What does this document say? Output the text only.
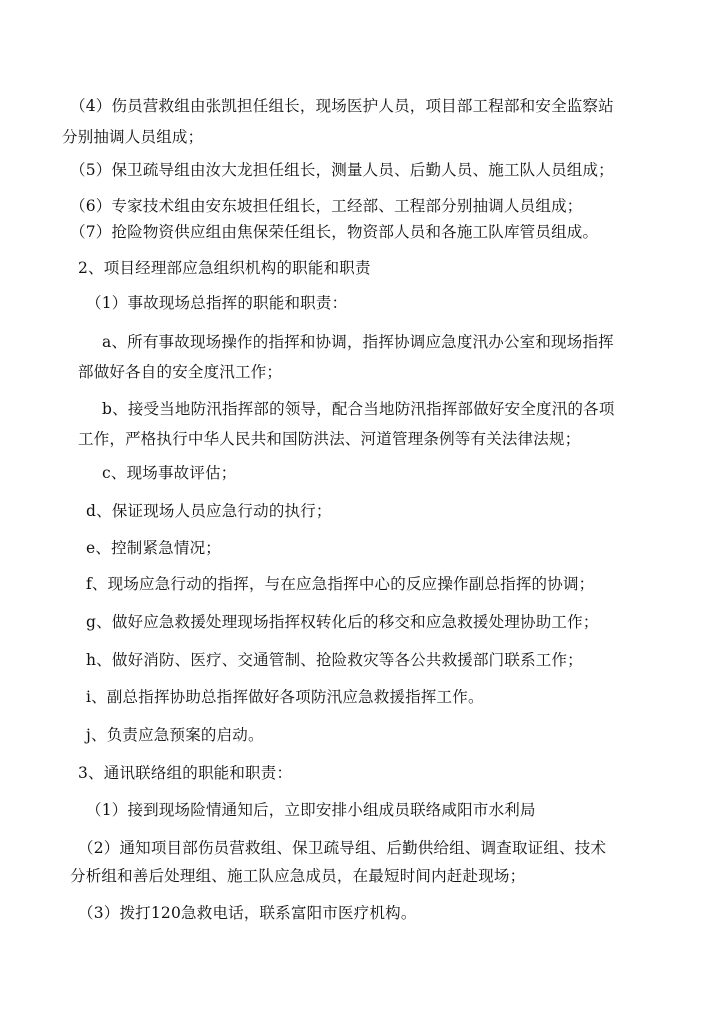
（4）伤员营救组由张凯担任组长，现场医护人员，项目部工程部和安全监察站
分别抽调人员组成；
（5）保卫疏导组由汝大龙担任组长，测量人员、后勤人员、施工队人员组成；
（6）专家技术组由安东坡担任组长，工经部、工程部分别抽调人员组成；
（7）抢险物资供应组由焦保荣任组长，物资部人员和各施工队库管员组成。
2、项目经理部应急组织机构的职能和职责
（1）事故现场总指挥的职能和职责：
a、所有事故现场操作的指挥和协调，指挥协调应急度汛办公室和现场指挥
部做好各自的安全度汛工作；
b、接受当地防汛指挥部的领导，配合当地防汛指挥部做好安全度汛的各项
工作，严格执行中华人民共和国防洪法、河道管理条例等有关法律法规；
c、现场事故评估；
d、保证现场人员应急行动的执行；
e、控制紧急情况；
f、现场应急行动的指挥，与在应急指挥中心的反应操作副总指挥的协调；
g、做好应急救援处理现场指挥权转化后的移交和应急救援处理协助工作；
h、做好消防、医疗、交通管制、抢险救灾等各公共救援部门联系工作；
i、副总指挥协助总指挥做好各项防汛应急救援指挥工作。
j、负责应急预案的启动。
3、通讯联络组的职能和职责：
（1）接到现场险情通知后，立即安排小组成员联络咸阳市水利局
（2）通知项目部伤员营救组、保卫疏导组、后勤供给组、调查取证组、技术
分析组和善后处理组、施工队应急成员，在最短时间内赶赴现场；
（3）拨打120急救电话，联系富阳市医疗机构。
